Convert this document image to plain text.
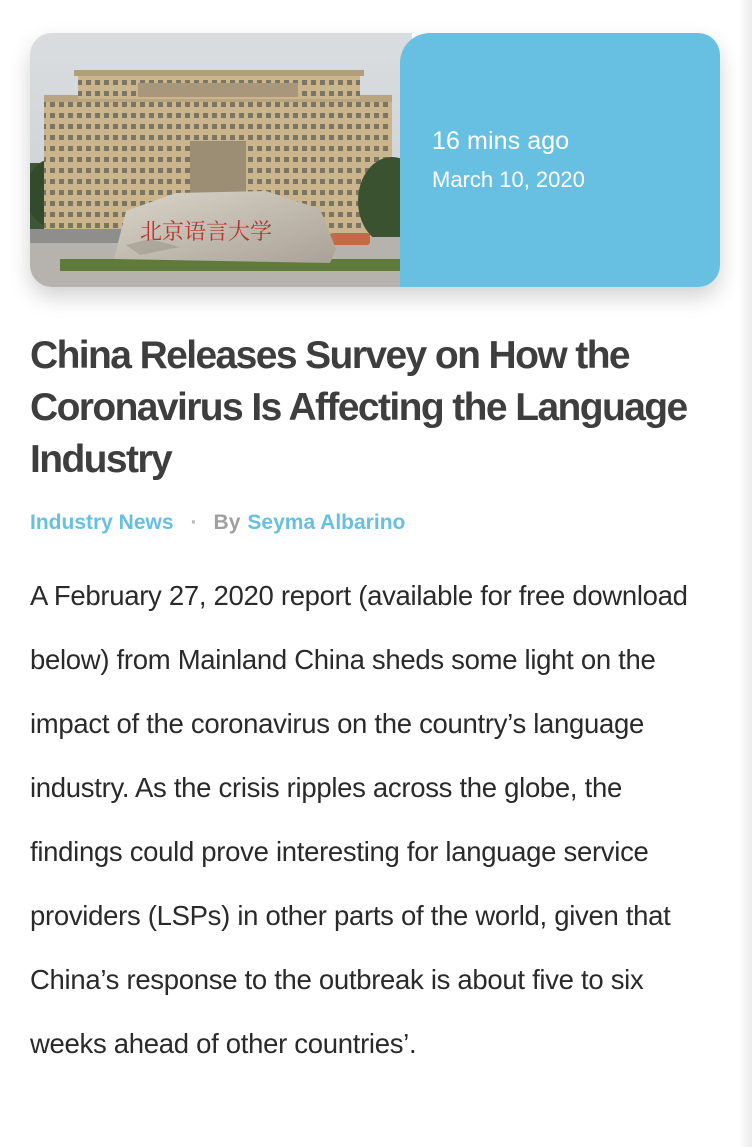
北京语言大学
16 mins ago
March 10, 2020
China Releases Survey on How the Coronavirus Is Affecting the Language Industry
Industry News · By Seyma Albarino

A February 27, 2020 report (available for free download below) from Mainland China sheds some light on the impact of the coronavirus on the country’s language industry. As the crisis ripples across the globe, the findings could prove interesting for language service providers (LSPs) in other parts of the world, given that China’s response to the outbreak is about five to six weeks ahead of other countries’.
